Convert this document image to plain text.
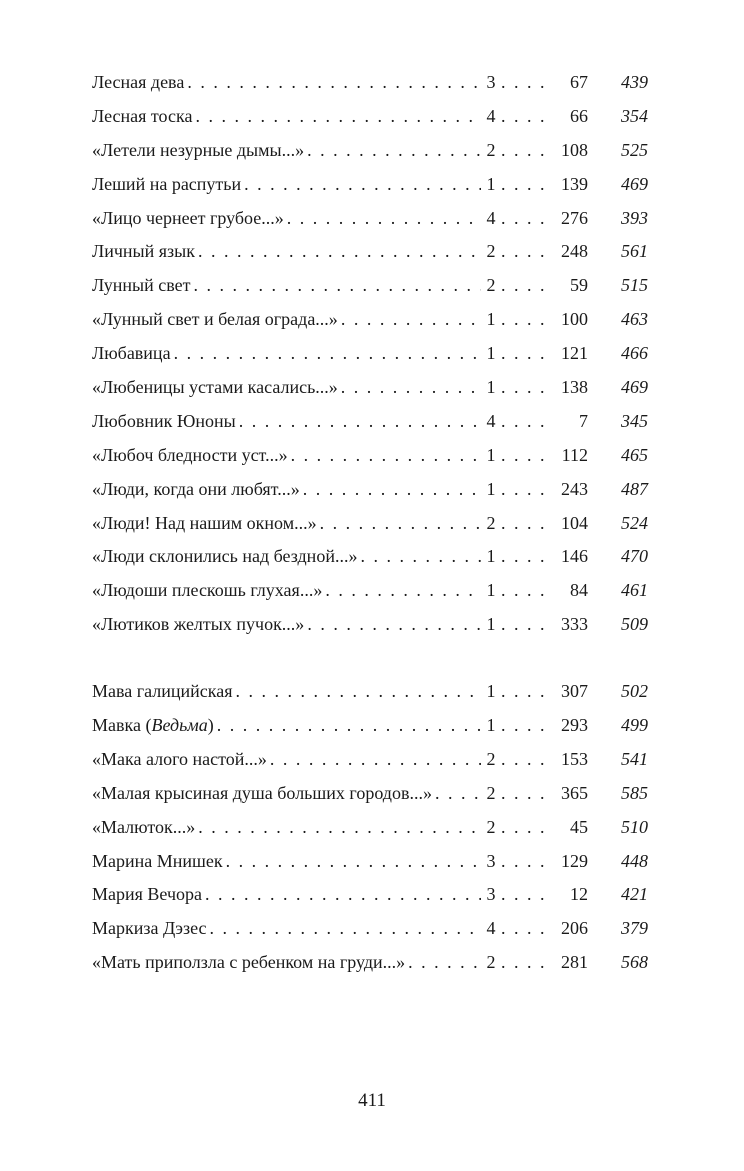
Лесная дева . . .	3 . . .	67	439
Лесная тоска . . .	4 . . .	66	354
«Летели незурные дымы...» . . .	2 . . .	108	525
Леший на распутьи . . .	1 . . .	139	469
«Лицо чернеет грубое...» . . .	4 . . .	276	393
Личный язык . . .	2 . . .	248	561
Лунный свет . . .	2 . . .	59	515
«Лунный свет и белая ограда...» . . .	1 . . .	100	463
Любавица . . .	1 . . .	121	466
«Любеницы устами касались...» . . .	1 . . .	138	469
Любовник Юноны . . .	4 . . .	7	345
«Любоч бледности уст...» . . .	1 . . .	112	465
«Люди, когда они любят...» . . .	1 . . .	243	487
«Люди! Над нашим окном...» . . .	2 . . .	104	524
«Люди склонились над бездной...» . . .	1 . . .	146	470
«Людоши плескошь глухая...» . . .	1 . . .	84	461
«Лютиков желтых пучок...» . . .	1 . . .	333	509
Мава галицийская . . .	1 . . .	307	502
Мавка (Ведьма) . . .	1 . . .	293	499
«Мака алого настой...» . . .	2 . . .	153	541
«Малая крысиная душа больших городов...» . . .	2 . . .	365	585
«Малюток...» . . .	2 . . .	45	510
Марина Мнишек . . .	3 . . .	129	448
Мария Вечора . . .	3 . . .	12	421
Маркиза Дэзес . . .	4 . . .	206	379
«Мать приползла с ребенком на груди...» . . .	2 . . .	281	568
411
